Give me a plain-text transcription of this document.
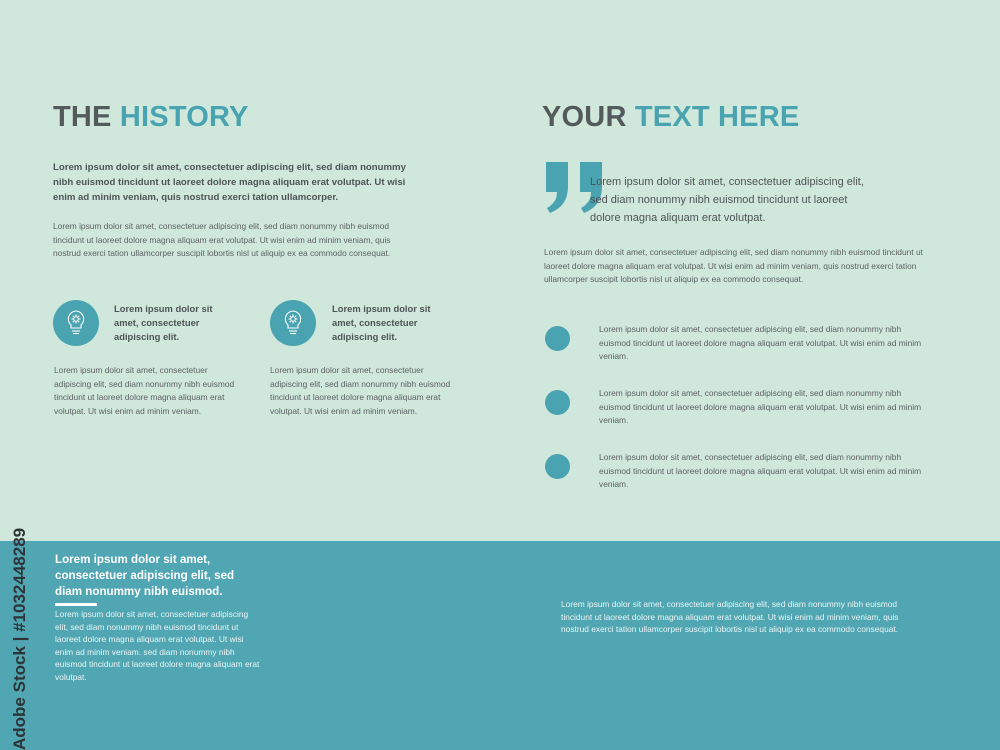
THE HISTORY

Lorem ipsum dolor sit amet, consectetuer adipiscing elit, sed diam nonummy nibh euismod tincidunt ut laoreet dolore magna aliquam erat volutpat. Ut wisi enim ad minim veniam, quis nostrud exerci tation ullamcorper.

Lorem ipsum dolor sit amet, consectetuer adipiscing elit, sed diam nonummy nibh euismod tincidunt ut laoreet dolore magna aliquam erat volutpat. Ut wisi enim ad minim veniam, quis nostrud exerci tation ullamcorper suscipit lobortis nisl ut aliquip ex ea commodo consequat.

Lorem ipsum dolor sit amet, consectetuer adipiscing elit.

Lorem ipsum dolor sit amet, consectetuer adipiscing elit, sed diam nonummy nibh euismod tincidunt ut laoreet dolore magna aliquam erat volutpat. Ut wisi enim ad minim veniam.

Lorem ipsum dolor sit amet, consectetuer adipiscing elit.

Lorem ipsum dolor sit amet, consectetuer adipiscing elit, sed diam nonummy nibh euismod tincidunt ut laoreet dolore magna aliquam erat volutpat. Ut wisi enim ad minim veniam.

YOUR TEXT HERE

Lorem ipsum dolor sit amet, consectetuer adipiscing elit, sed diam nonummy nibh euismod tincidunt ut laoreet dolore magna aliquam erat volutpat.

Lorem ipsum dolor sit amet, consectetuer adipiscing elit, sed diam nonummy nibh euismod tincidunt ut laoreet dolore magna aliquam erat volutpat. Ut wisi enim ad minim veniam, quis nostrud exerci tation ullamcorper suscipit lobortis nisl ut aliquip ex ea commodo consequat.

Lorem ipsum dolor sit amet, consectetuer adipiscing elit, sed diam nonummy nibh euismod tincidunt ut laoreet dolore magna aliquam erat volutpat. Ut wisi enim ad minim veniam.

Lorem ipsum dolor sit amet, consectetuer adipiscing elit, sed diam nonummy nibh euismod tincidunt ut laoreet dolore magna aliquam erat volutpat. Ut wisi enim ad minim veniam.

Lorem ipsum dolor sit amet, consectetuer adipiscing elit, sed diam nonummy nibh euismod tincidunt ut laoreet dolore magna aliquam erat volutpat. Ut wisi enim ad minim veniam.

Lorem ipsum dolor sit amet, consectetuer adipiscing elit, sed diam nonummy nibh euismod.

Lorem ipsum dolor sit amet, consectetuer adipiscing elit, sed diam nonummy nibh euismod tincidunt ut laoreet dolore magna aliquam erat volutpat. Ut wisi enim ad minim veniam. sed diam nonummy nibh euismod tincidunt ut laoreet dolore magna aliquam erat volutpat.

Lorem ipsum dolor sit amet, consectetuer adipiscing elit, sed diam nonummy nibh euismod tincidunt ut laoreet dolore magna aliquam erat volutpat. Ut wisi enim ad minim veniam, quis nostrud exerci tation ullamcorper suscipit lobortis nisl ut aliquip ex ea commodo consequat.

Adobe Stock | #1032448289
